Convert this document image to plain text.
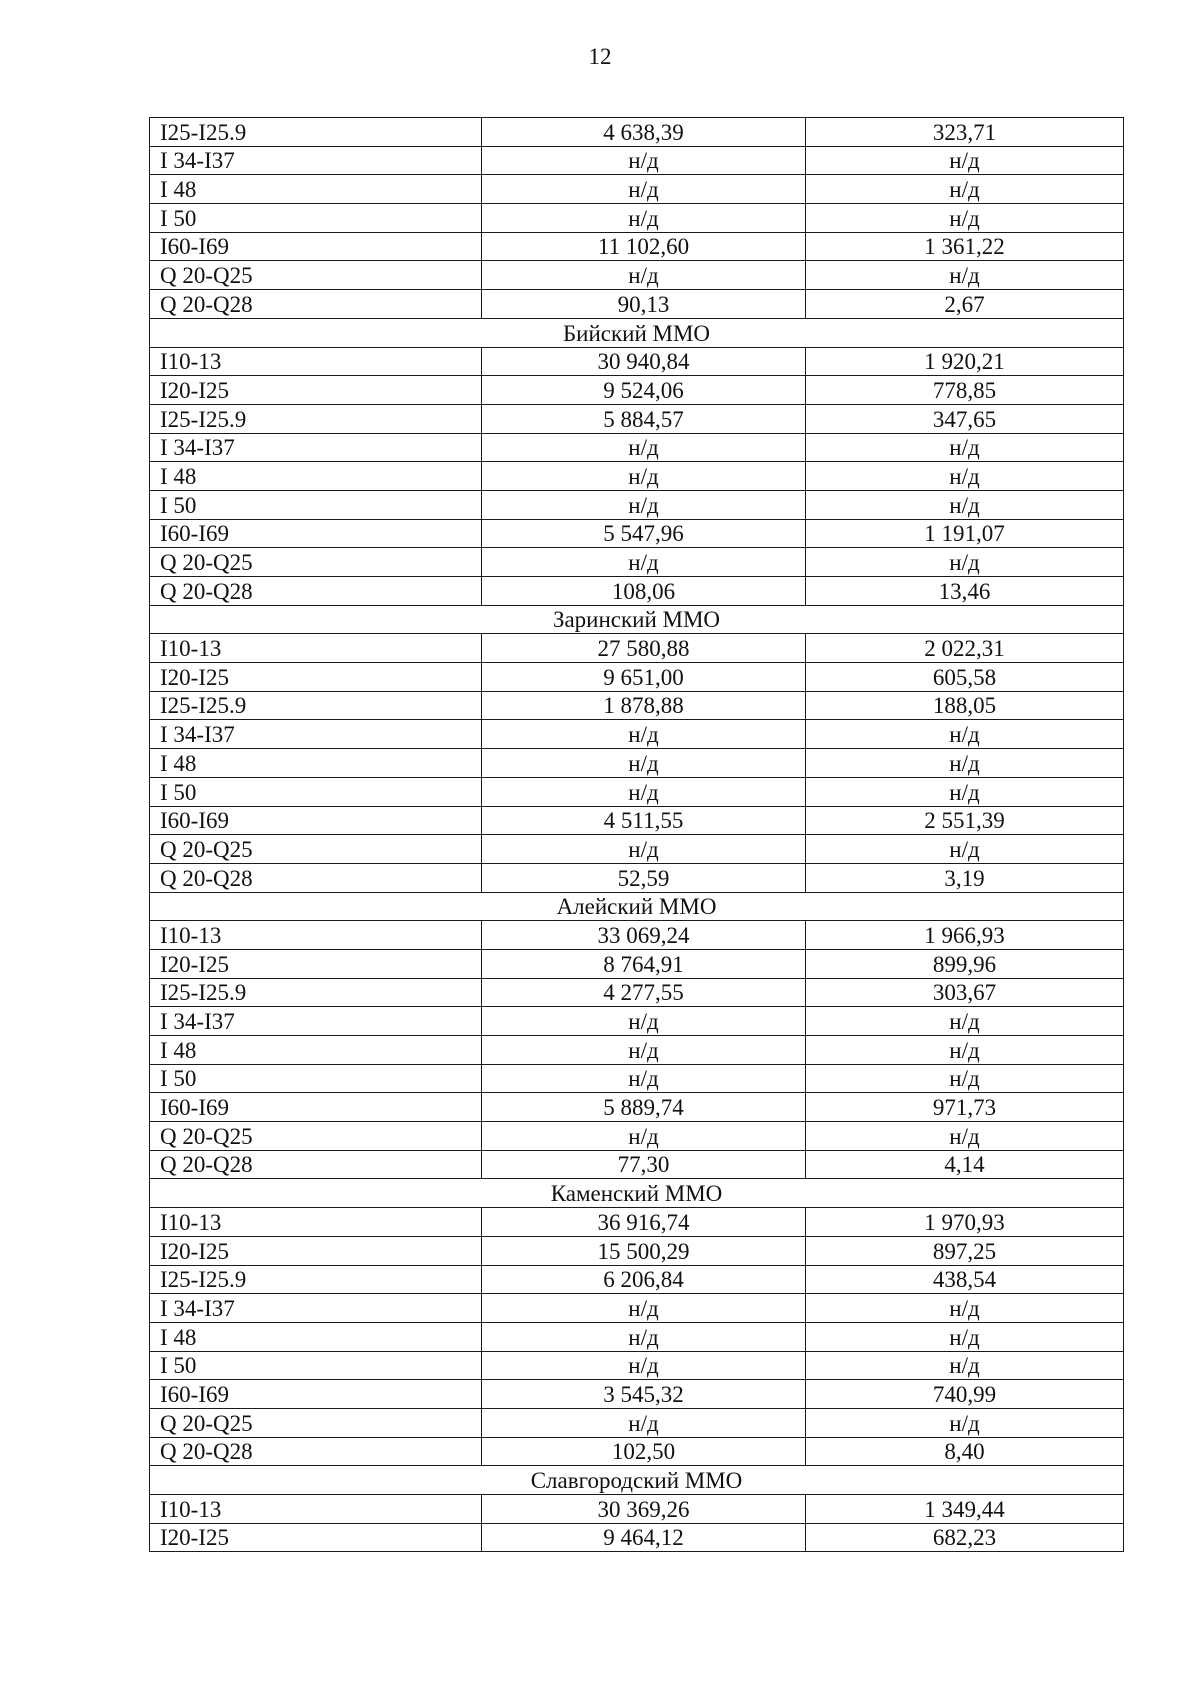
12
I25-I25.9	4 638,39	323,71
I 34-I37	н/д	н/д
I 48	н/д	н/д
I 50	н/д	н/д
I60-I69	11 102,60	1 361,22
Q 20-Q25	н/д	н/д
Q 20-Q28	90,13	2,67
Бийский ММО		
I10-13	30 940,84	1 920,21
I20-I25	9 524,06	778,85
I25-I25.9	5 884,57	347,65
I 34-I37	н/д	н/д
I 48	н/д	н/д
I 50	н/д	н/д
I60-I69	5 547,96	1 191,07
Q 20-Q25	н/д	н/д
Q 20-Q28	108,06	13,46
Заринский ММО		
I10-13	27 580,88	2 022,31
I20-I25	9 651,00	605,58
I25-I25.9	1 878,88	188,05
I 34-I37	н/д	н/д
I 48	н/д	н/д
I 50	н/д	н/д
I60-I69	4 511,55	2 551,39
Q 20-Q25	н/д	н/д
Q 20-Q28	52,59	3,19
Алейский ММО		
I10-13	33 069,24	1 966,93
I20-I25	8 764,91	899,96
I25-I25.9	4 277,55	303,67
I 34-I37	н/д	н/д
I 48	н/д	н/д
I 50	н/д	н/д
I60-I69	5 889,74	971,73
Q 20-Q25	н/д	н/д
Q 20-Q28	77,30	4,14
Каменский ММО		
I10-13	36 916,74	1 970,93
I20-I25	15 500,29	897,25
I25-I25.9	6 206,84	438,54
I 34-I37	н/д	н/д
I 48	н/д	н/д
I 50	н/д	н/д
I60-I69	3 545,32	740,99
Q 20-Q25	н/д	н/д
Q 20-Q28	102,50	8,40
Славгородский ММО		
I10-13	30 369,26	1 349,44
I20-I25	9 464,12	682,23
